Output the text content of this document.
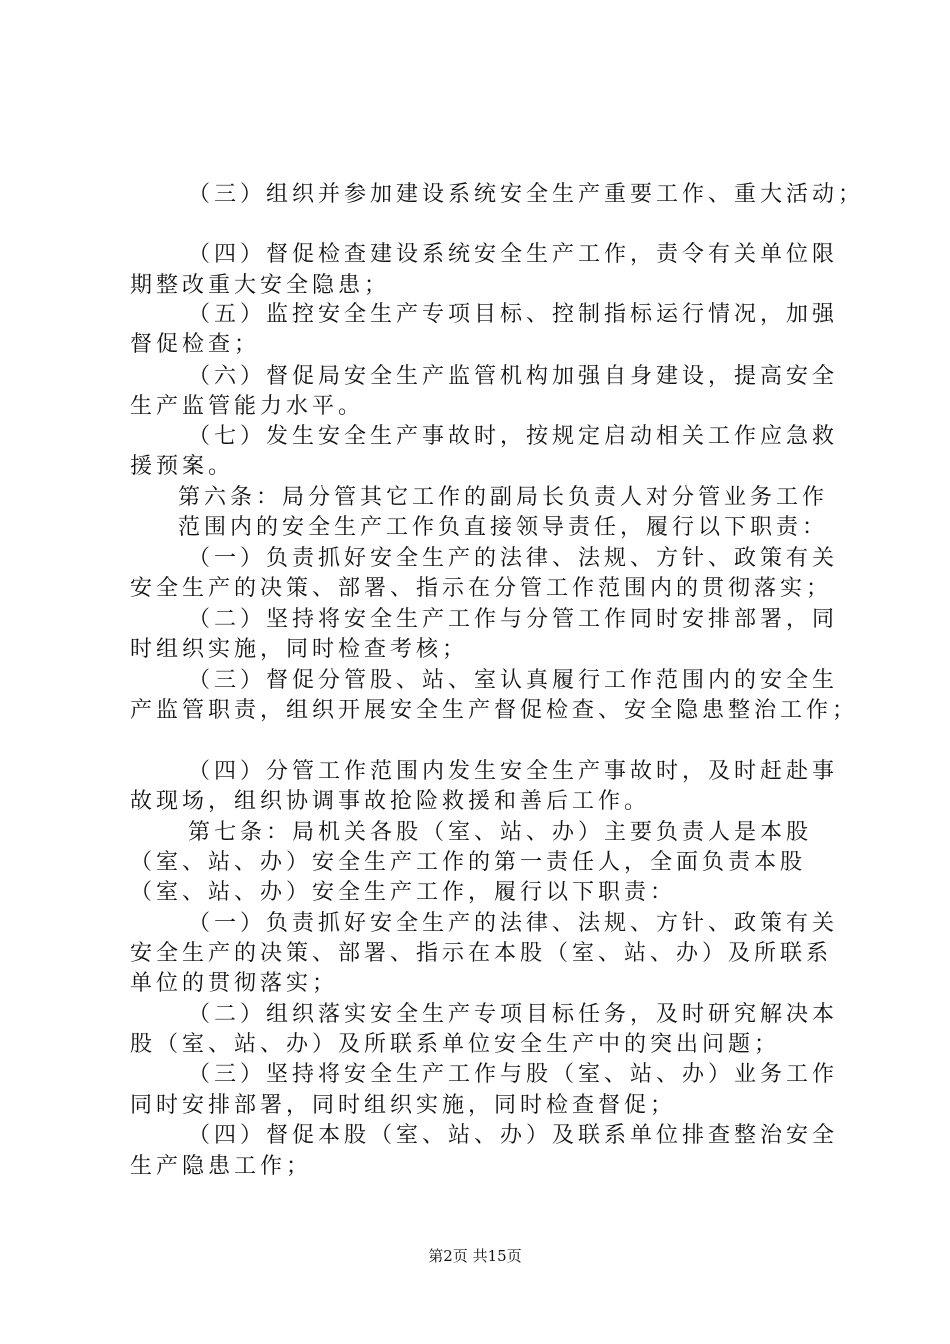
（三）组织并参加建设系统安全生产重要工作、重大活动；
（四）督促检查建设系统安全生产工作，责令有关单位限
期整改重大安全隐患；
（五）监控安全生产专项目标、控制指标运行情况，加强
督促检查；
（六）督促局安全生产监管机构加强自身建设，提高安全
生产监管能力水平。
（七）发生安全生产事故时，按规定启动相关工作应急救
援预案。
第六条：局分管其它工作的副局长负责人对分管业务工作
范围内的安全生产工作负直接领导责任，履行以下职责：
（一）负责抓好安全生产的法律、法规、方针、政策有关
安全生产的决策、部署、指示在分管工作范围内的贯彻落实；
（二）坚持将安全生产工作与分管工作同时安排部署，同
时组织实施，同时检查考核；
（三）督促分管股、站、室认真履行工作范围内的安全生
产监管职责，组织开展安全生产督促检查、安全隐患整治工作；
（四）分管工作范围内发生安全生产事故时，及时赶赴事
故现场，组织协调事故抢险救援和善后工作。
第七条：局机关各股（室、站、办）主要负责人是本股
（室、站、办）安全生产工作的第一责任人，全面负责本股
（室、站、办）安全生产工作，履行以下职责：
（一）负责抓好安全生产的法律、法规、方针、政策有关
安全生产的决策、部署、指示在本股（室、站、办）及所联系
单位的贯彻落实；
（二）组织落实安全生产专项目标任务，及时研究解决本
股（室、站、办）及所联系单位安全生产中的突出问题；
（三）坚持将安全生产工作与股（室、站、办）业务工作
同时安排部署，同时组织实施，同时检查督促；
（四）督促本股（室、站、办）及联系单位排查整治安全
生产隐患工作；
第2页 共15页
